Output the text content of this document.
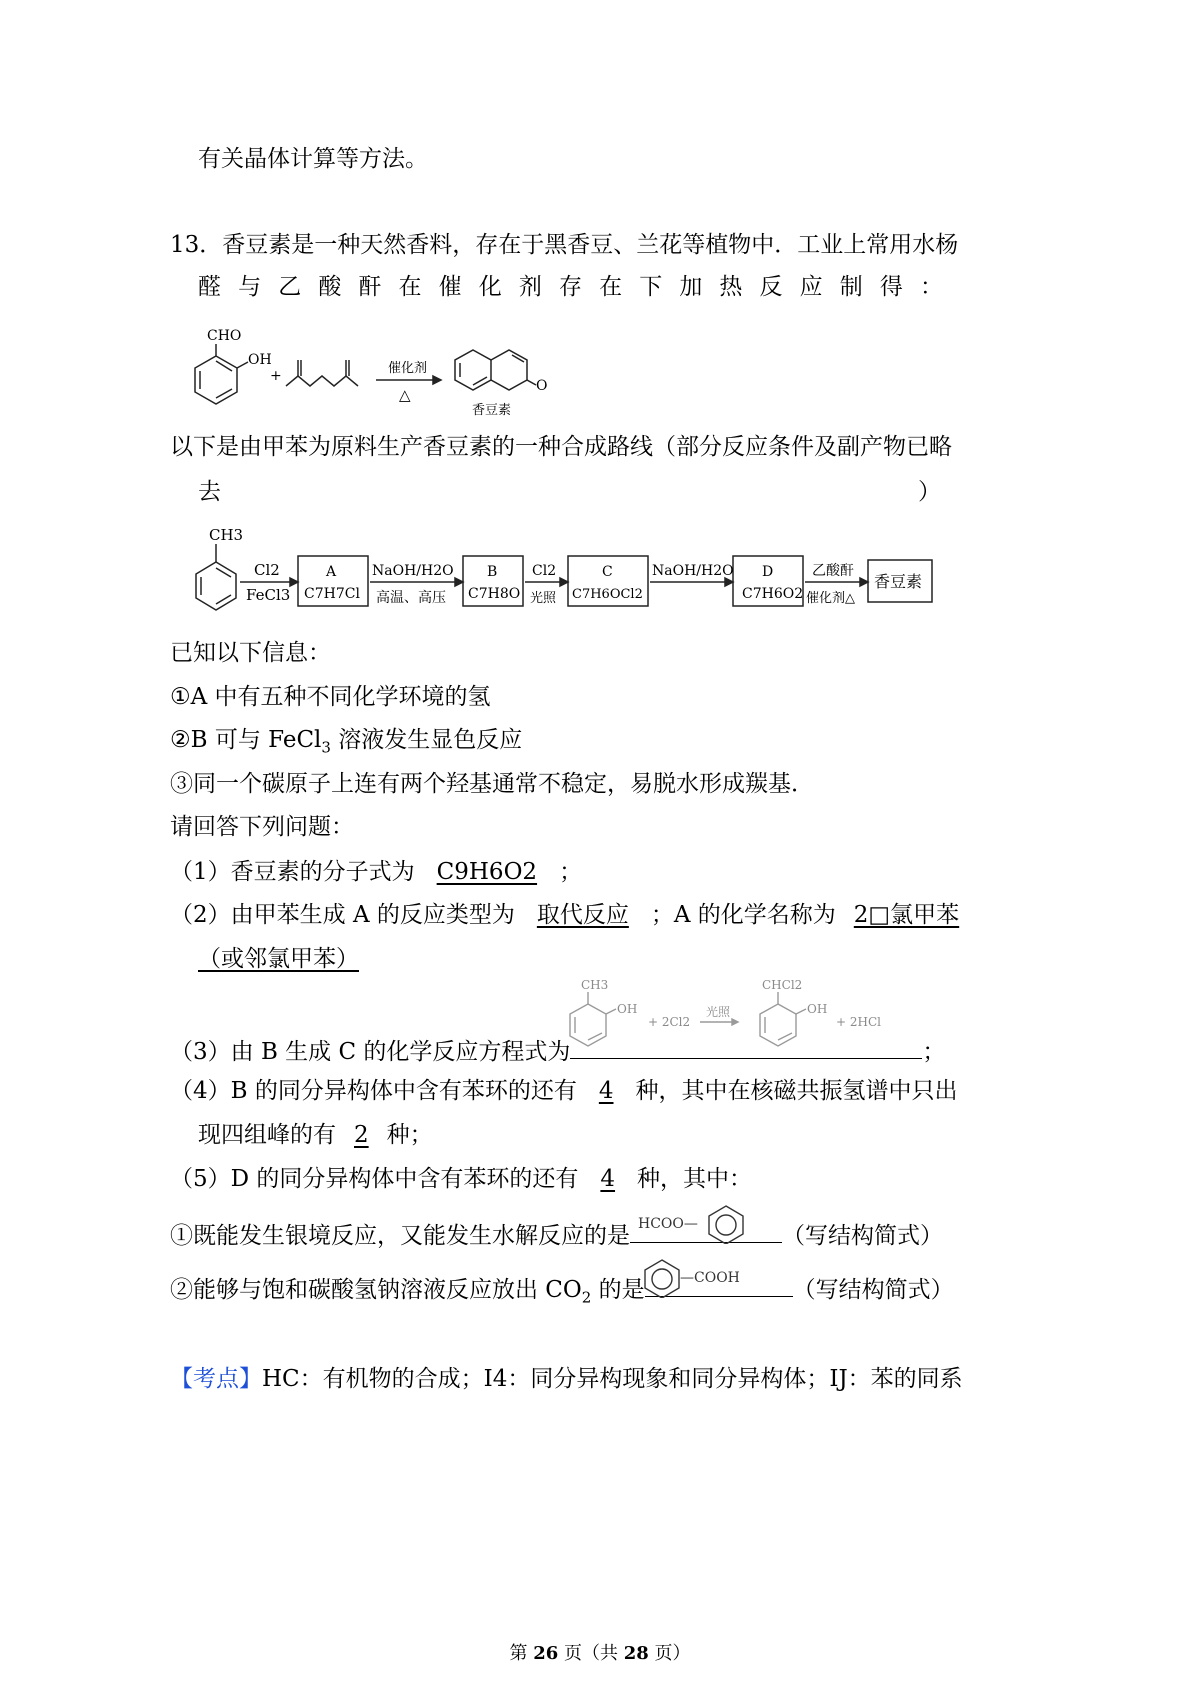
有关晶体计算等方法。
13．香豆素是一种天然香料，存在于黑香豆、兰花等植物中．工业上常用水杨
醛 与 乙 酸 酐 在 催 化 剂 存 在 下 加 热 反 应 制 得 ：
CHO
OH
+	催化剂
△	O
香豆素
以下是由甲苯为原料生产香豆素的一种合成路线（部分反应条件及副产物已略
去	）
CH3
Cl2
FeCl3
A
C7H7Cl
NaOH/H2O
高温、高压
B
C7H8O
Cl2
光照
C
C7H6OCl2
NaOH/H2O D
C7H6O2
乙酸酐
催化剂△
香豆素
已知以下信息：
①A 中有五种不同化学环境的氢
②B 可与 FeCl$_3$ 溶液发生显色反应
③同一个碳原子上连有两个羟基通常不稳定，易脱水形成羰基．
请回答下列问题：
（1）香豆素的分子式为 C9H6O2 ；
（2）由甲苯生成 A 的反应类型为 取代反应 ；A 的化学名称为 2□氯甲苯
（或邻氯甲苯）
（3）由 B 生成 C 的化学反应方程式为	；
CH3
OH
+ 2Cl2
光照
CHCl2
OH
+ 2HCl
（4）B 的同分异构体中含有苯环的还有 4 种，其中在核磁共振氢谱中只出
现四组峰的有 2 种；
（5）D 的同分异构体中含有苯环的还有 4 种，其中：
①既能发生银境反应，又能发生水解反应的是	（写结构简式）
HCOO—
②能够与饱和碳酸氢钠溶液反应放出 $CO_2$ 的是	（写结构简式）
—COOH
【考点】HC：有机物的合成；I4：同分异构现象和同分异构体；IJ：苯的同系
第 26 页（共 28 页）
